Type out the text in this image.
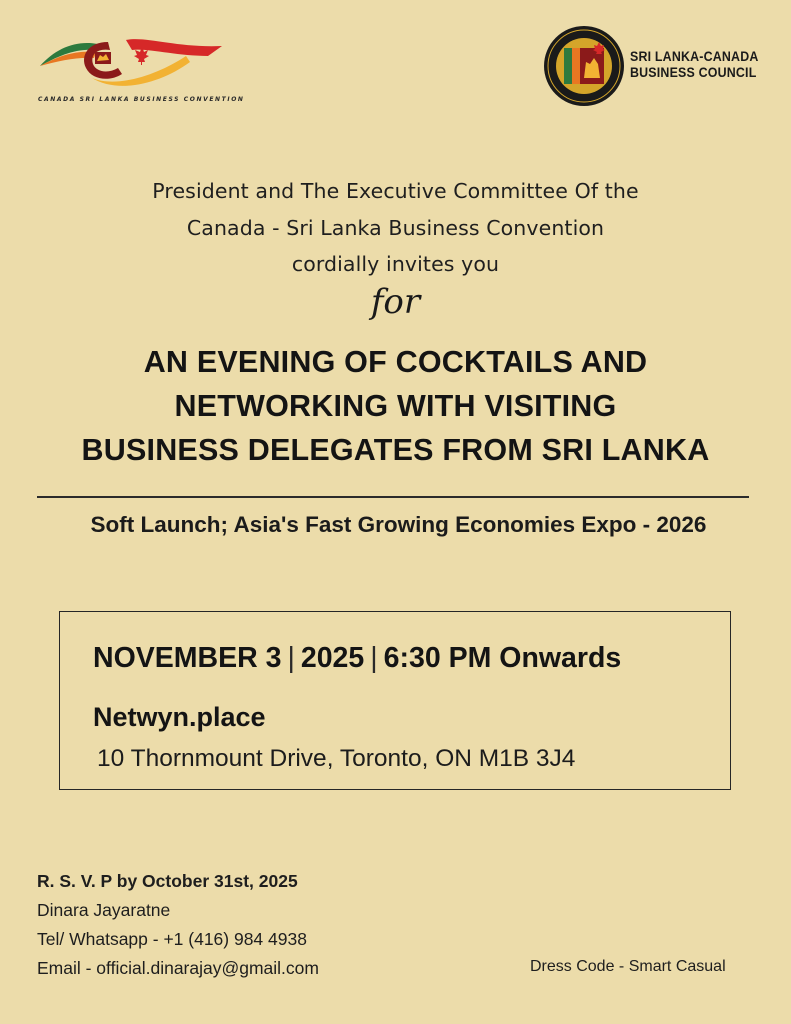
CANADA SRI LANKA BUSINESS CONVENTION
SRI LANKA-CANADA
BUSINESS COUNCIL
President and The Executive Committee Of the
Canada - Sri Lanka Business Convention
cordially invites you
for
AN EVENING OF COCKTAILS AND
NETWORKING WITH VISITING
BUSINESS DELEGATES FROM SRI LANKA
Soft Launch; Asia's Fast Growing Economies Expo - 2026
NOVEMBER 3 | 2025 | 6:30 PM Onwards
Netwyn.place
10 Thornmount Drive, Toronto, ON M1B 3J4
R. S. V. P by October 31st, 2025
Dinara Jayaratne
Tel/ Whatsapp - +1 (416) 984 4938
Email - official.dinarajay@gmail.com	Dress Code - Smart Casual
